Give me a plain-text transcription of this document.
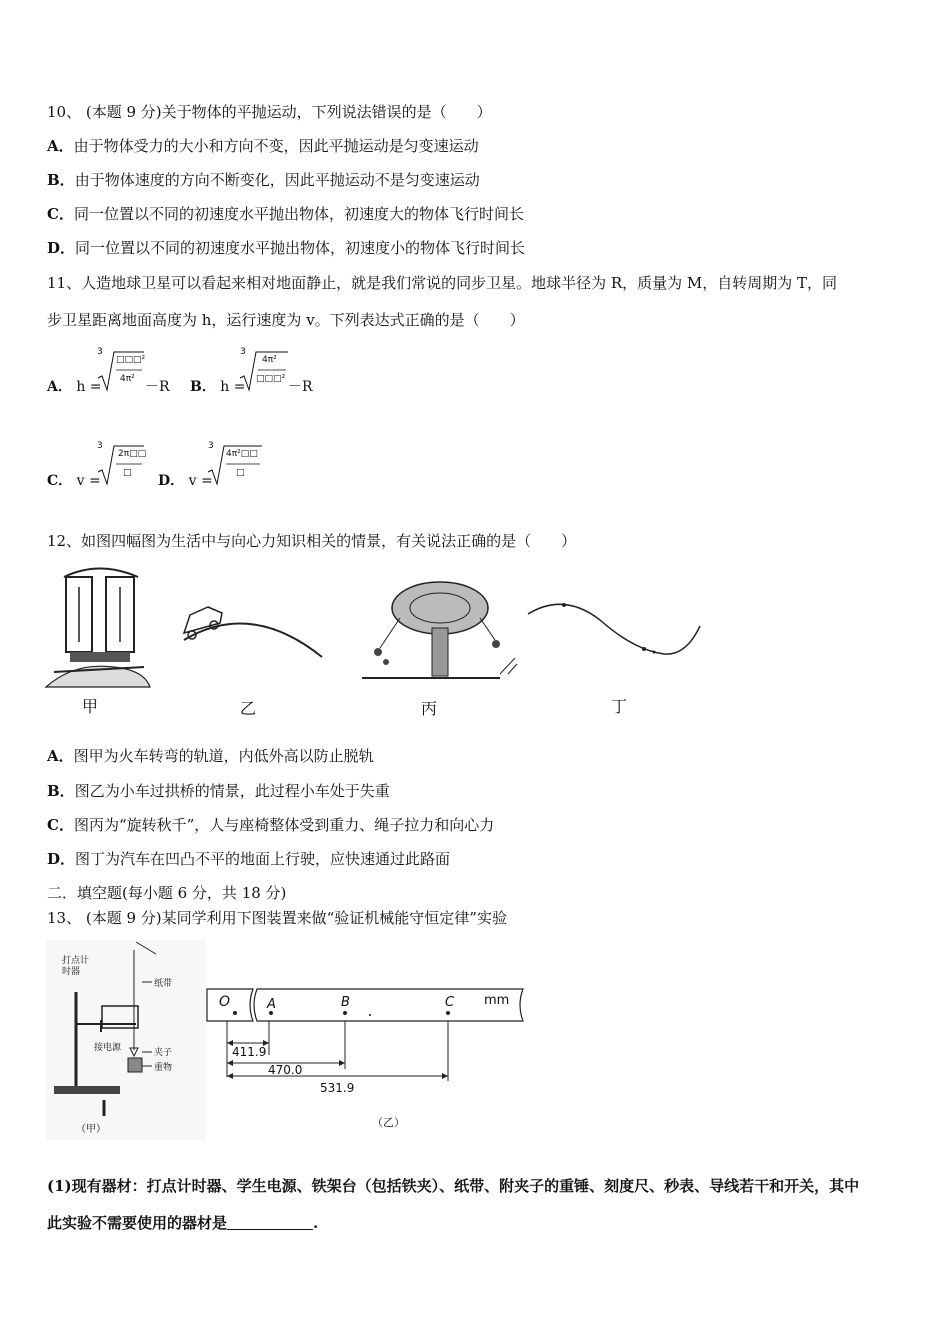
10、 (本题 9 分)关于物体的平抛运动，下列说法错误的是（　　）
A．由于物体受力的大小和方向不变，因此平抛运动是匀变速运动
B．由于物体速度的方向不断变化，因此平抛运动不是匀变速运动
C．同一位置以不同的初速度水平抛出物体，初速度大的物体飞行时间长
D．同一位置以不同的初速度水平抛出物体，初速度小的物体飞行时间长
11、人造地球卫星可以看起来相对地面静止，就是我们常说的同步卫星。地球半径为 R，质量为 M，自转周期为 T，同
步卫星距离地面高度为 h，运行速度为 v。下列表达式正确的是（　　）
A． h =
3
□□□²
4π² －R B． h =
3
4π²
□□□² －R
C． v =
3
2π□□
□ D． v =
3
4π²□□
□
12、如图四幅图为生活中与向心力知识相关的情景，有关说法正确的是（　　）
甲	乙	丙	丁
A．图甲为火车转弯的轨道，内低外高以防止脱轨
B．图乙为小车过拱桥的情景，此过程小车处于失重
C．图丙为“旋转秋千”，人与座椅整体受到重力、绳子拉力和向心力
D．图丁为汽车在凹凸不平的地面上行驶，应快速通过此路面
二．填空题(每小题 6 分，共 18 分)
13、 (本题 9 分)某同学利用下图装置来做“验证机械能守恒定律”实验
打点计时器
纸带
接电源	夹子
重物
（甲）
O	A	B	C mm
411.9
470.0
531.9
（乙）
(1)现有器材：打点计时器、学生电源、铁架台（包括铁夹）、纸带、附夹子的重锤、刻度尺、秒表、导线若干和开关，其中
此实验不需要使用的器材是	.
